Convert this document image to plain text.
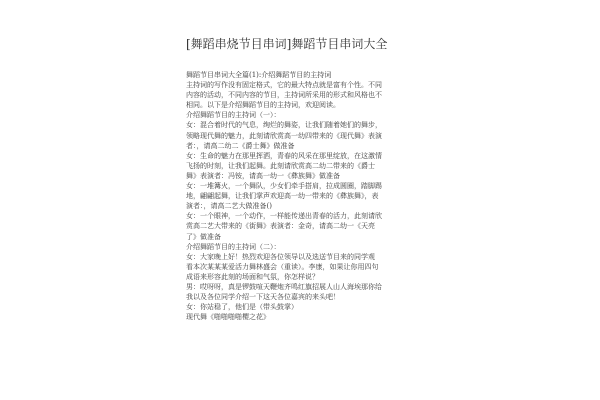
[舞蹈串烧节目串词]舞蹈节目串词大全
舞蹈节目串词大全篇(1):介绍舞蹈节目的主持词
主持词的写作没有固定格式，它的最大特点就是富有个性。不同
内容的活动，不同内容的节目，主持词所采用的形式和风格也不
相同。以下是介绍舞蹈节目的主持词，欢迎阅读。
介绍舞蹈节目的主持词（一）：
女：混合着时代的气息，绚烂的舞姿，让我们随着她们的舞步，
领略现代舞的魅力，此刻请欣赏高一幼四带来的《现代舞》表演
者：，请高二幼二《爵士舞》做准备
女：生命的魅力在那里挥洒，青春的风采在那里绽放，在这激情
飞扬的时刻，让我们起舞。此刻请欣赏高二幼二带来的《爵士
舞》表演者：冯铵，请高一幼一《彝族舞》做准备
女：一堆篝火，一个舞队，少女们牵手搭肩，拉成圆圈，踏脚踢
地，翩翩起舞，让我们掌声欢迎高一幼一带来的《彝族舞》，表
演者：，请高二艺大做准备()
女：一个眼神，一个动作，一样能传递出青春的活力，此刻请欣
赏高二艺大带来的《街舞》表演者：金奇，请高二幼一《天亮
了》做准备
介绍舞蹈节目的主持词（二）：
女：大家晚上好！热烈欢迎各位领导以及选送节目来的同学观
看本次某某某爱活力舞林盛会（重读）。李康，如果让你用四句
成语来形容此刻的场面和气氛，你怎样说？
男：哎呀呀，真是锣鼓喧天鞭炮齐鸣红旗招展人山人海埃那你给
我以及各位同学介绍一下这天各位嘉宾的来头吧！
女：你站稳了，他们是（带头鼓掌）
现代舞《啪啪啪啪樱之花》
